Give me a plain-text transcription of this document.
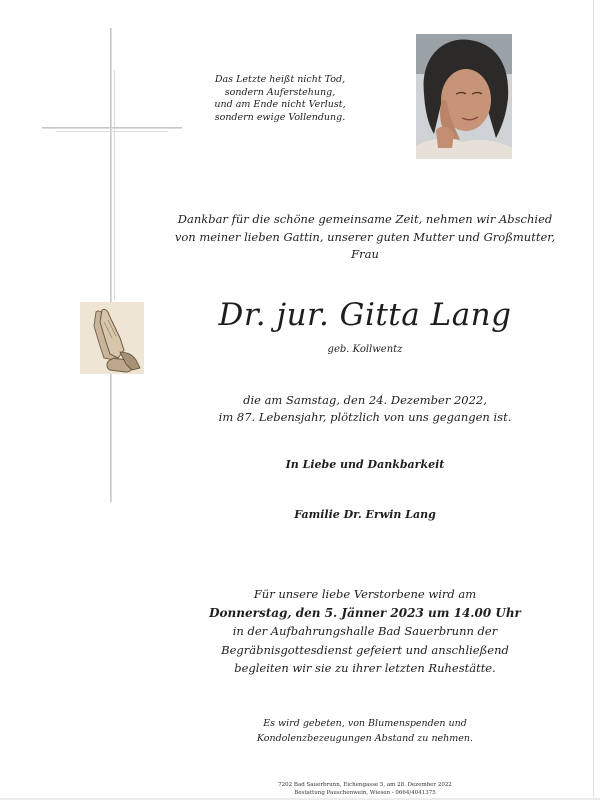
Das Letzte heißt nicht Tod,
sondern Auferstehung,
und am Ende nicht Verlust,
sondern ewige Vollendung.
Dankbar für die schöne gemeinsame Zeit, nehmen wir Abschied
von meiner lieben Gattin, unserer guten Mutter und Großmutter,
Frau
Dr. jur. Gitta Lang
geb. Kollwentz
die am Samstag, den 24. Dezember 2022,
im 87. Lebensjahr, plötzlich von uns gegangen ist.
In Liebe und Dankbarkeit
Familie Dr. Erwin Lang
Für unsere liebe Verstorbene wird am
Donnerstag, den 5. Jänner 2023 um 14.00 Uhr
in der Aufbahrungshalle Bad Sauerbrunn der
Begräbnisgottesdienst gefeiert und anschließend
begleiten wir sie zu ihrer letzten Ruhestätte.
Es wird gebeten, von Blumenspenden und
Kondolenzbezeugungen Abstand zu nehmen.
7202 Bad Sauerbrunn, Eichengasse 5, am 28. Dezember 2022
Bestattung Pauschenwein, Wiesen - 0664/4041375
